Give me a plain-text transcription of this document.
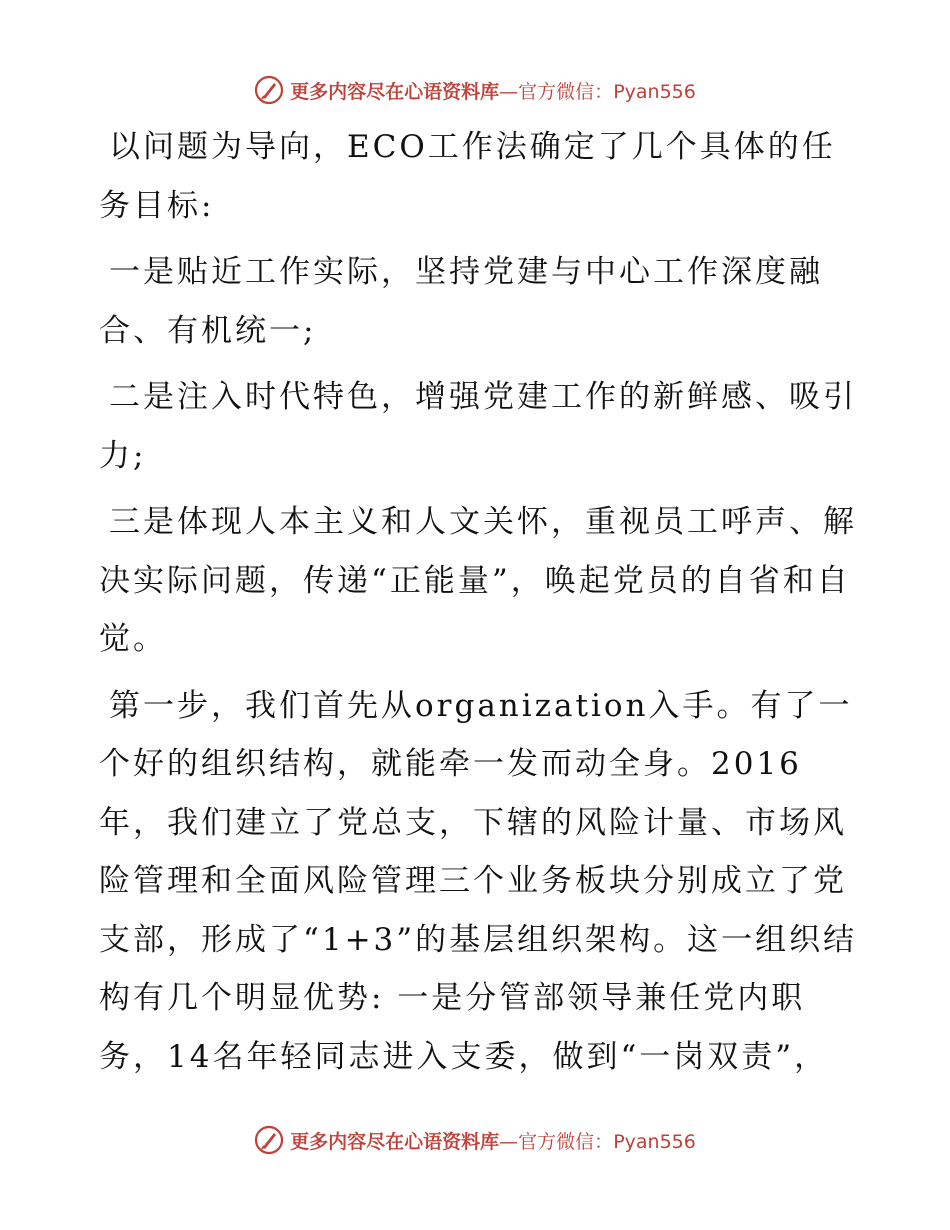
更多内容尽在心语资料库—官方微信：Pyan556

以问题为导向，ECO工作法确定了几个具体的任务目标:

一是贴近工作实际，坚持党建与中心工作深度融合、有机统一;

二是注入时代特色，增强党建工作的新鲜感、吸引力;

三是体现人本主义和人文关怀，重视员工呼声、解决实际问题，传递“正能量”，唤起党员的自省和自觉。

第一步，我们首先从organization入手。有了一个好的组织结构，就能牵一发而动全身。2016年，我们建立了党总支，下辖的风险计量、市场风险管理和全面风险管理三个业务板块分别成立了党支部，形成了“1+3”的基层组织架构。这一组织结构有几个明显优势: 一是分管部领导兼任党内职务，14名年轻同志进入支委，做到“一岗双责”，

更多内容尽在心语资料库—官方微信：Pyan556
